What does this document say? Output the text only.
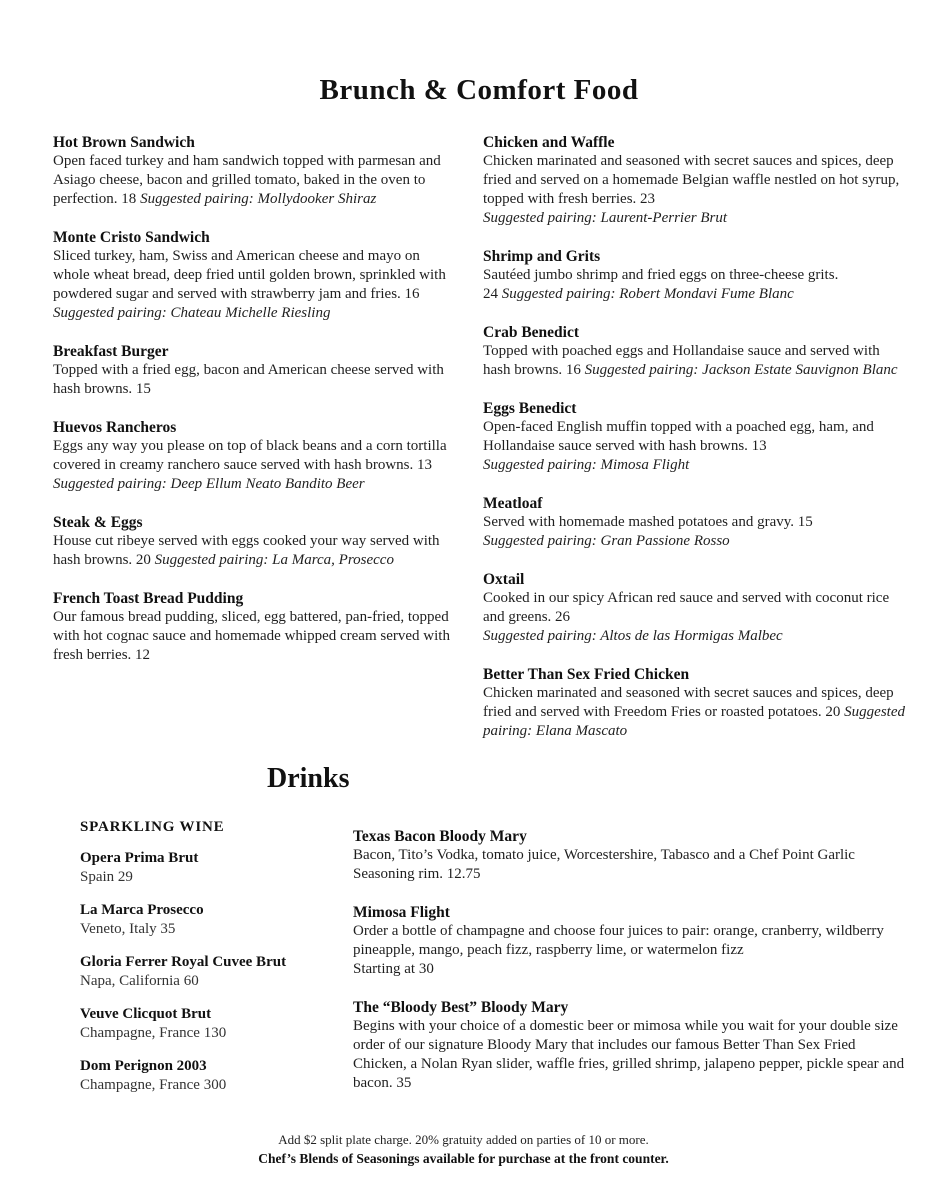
Brunch & Comfort Food
Hot Brown Sandwich
Open faced turkey and ham sandwich topped with parmesan and Asiago cheese, bacon and grilled tomato, baked in the oven to perfection. 18 Suggested pairing: Mollydooker Shiraz
Monte Cristo Sandwich
Sliced turkey, ham, Swiss and American cheese and mayo on whole wheat bread, deep fried until golden brown, sprinkled with powdered sugar and served with strawberry jam and fries. 16 Suggested pairing: Chateau Michelle Riesling
Breakfast Burger
Topped with a fried egg, bacon and American cheese served with hash browns. 15
Huevos Rancheros
Eggs any way you please on top of black beans and a corn tortilla covered in creamy ranchero sauce served with hash browns. 13 Suggested pairing: Deep Ellum Neato Bandito Beer
Steak & Eggs
House cut ribeye served with eggs cooked your way served with hash browns. 20 Suggested pairing: La Marca, Prosecco
French Toast Bread Pudding
Our famous bread pudding, sliced, egg battered, pan-fried, topped with hot cognac sauce and homemade whipped cream served with fresh berries. 12
Chicken and Waffle
Chicken marinated and seasoned with secret sauces and spices, deep fried and served on a homemade Belgian waffle nestled on hot syrup, topped with fresh berries. 23
Suggested pairing: Laurent-Perrier Brut
Shrimp and Grits
Sautéed jumbo shrimp and fried eggs on three-cheese grits.
24 Suggested pairing: Robert Mondavi Fume Blanc
Crab Benedict
Topped with poached eggs and Hollandaise sauce and served with hash browns. 16 Suggested pairing: Jackson Estate Sauvignon Blanc
Eggs Benedict
Open-faced English muffin topped with a poached egg, ham, and Hollandaise sauce served with hash browns. 13
Suggested pairing: Mimosa Flight
Meatloaf
Served with homemade mashed potatoes and gravy. 15
Suggested pairing: Gran Passione Rosso
Oxtail
Cooked in our spicy African red sauce and served with coconut rice and greens. 26
Suggested pairing: Altos de las Hormigas Malbec
Better Than Sex Fried Chicken
Chicken marinated and seasoned with secret sauces and spices, deep fried and served with Freedom Fries or roasted potatoes. 20 Suggested pairing: Elana Mascato
Drinks
SPARKLING WINE
Opera Prima Brut
Spain 29
La Marca Prosecco
Veneto, Italy 35
Gloria Ferrer Royal Cuvee Brut
Napa, California 60
Veuve Clicquot Brut
Champagne, France 130
Dom Perignon 2003
Champagne, France 300
Texas Bacon Bloody Mary
Bacon, Tito’s Vodka, tomato juice, Worcestershire, Tabasco and a Chef Point Garlic Seasoning rim. 12.75
Mimosa Flight
Order a bottle of champagne and choose four juices to pair: orange, cranberry, wildberry pineapple, mango, peach fizz, raspberry lime, or watermelon fizz
Starting at 30
The “Bloody Best” Bloody Mary
Begins with your choice of a domestic beer or mimosa while you wait for your double size order of our signature Bloody Mary that includes our famous Better Than Sex Fried Chicken, a Nolan Ryan slider, waffle fries, grilled shrimp, jalapeno pepper, pickle spear and bacon. 35
Add $2 split plate charge. 20% gratuity added on parties of 10 or more.
Chef’s Blends of Seasonings available for purchase at the front counter.
